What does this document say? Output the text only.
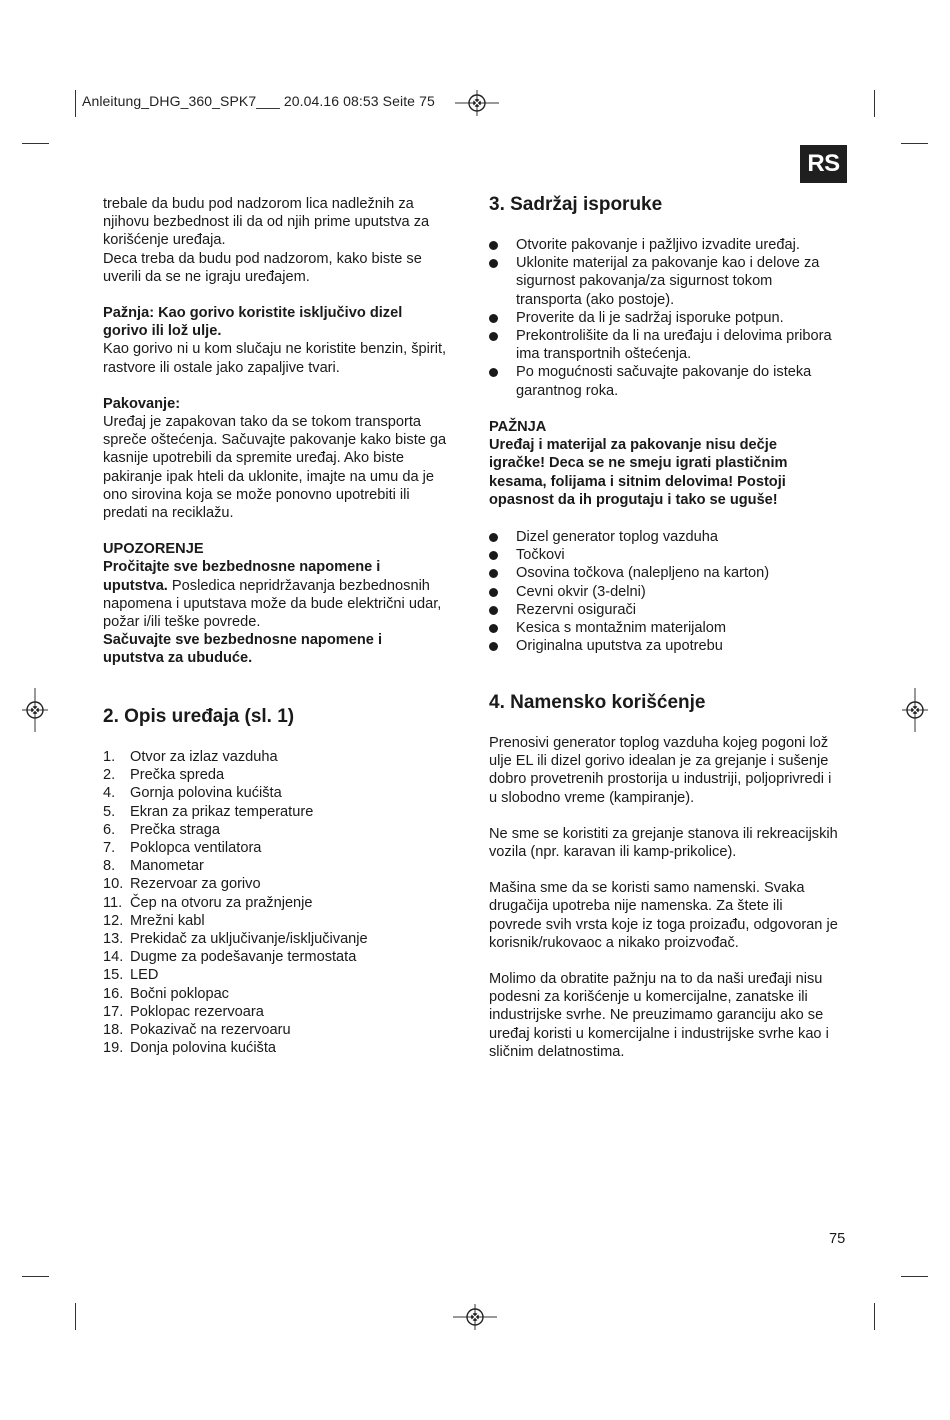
Anleitung_DHG_360_SPK7___ 20.04.16 08:53 Seite 75
RS

trebale da budu pod nadzorom lica nadležnih za

njihovu bezbednost ili da od njih prime uputstva za

korišćenje uređaja.

Deca treba da budu pod nadzorom, kako biste se

uverili da se ne igraju uređajem.

Pažnja: Kao gorivo koristite isključivo dizel

gorivo ili lož ulje.

Kao gorivo ni u kom slučaju ne koristite benzin, špirit,

rastvore ili ostale jako zapaljive tvari.

Pakovanje:

Uređaj je zapakovan tako da se tokom transporta

spreče oštećenja. Sačuvajte pakovanje kako biste ga

kasnije upotrebili da spremite uređaj. Ako biste

pakiranje ipak hteli da uklonite, imajte na umu da je

ono sirovina koja se može ponovno upotrebiti ili

predati na reciklažu.

UPOZORENJE

Pročitajte sve bezbednosne napomene i

uputstva. Posledica nepridržavanja bezbednosnih

napomena i uputstava može da bude električni udar,

požar i/ili teške povrede.

Sačuvajte sve bezbednosne napomene i

uputstva za ubuduće.

2. Opis uređaja (sl. 1)
1. Otvor za izlaz vazduha
2. Prečka spreda
4. Gornja polovina kućišta
5. Ekran za prikaz temperature
6. Prečka straga
7. Poklopca ventilatora
8. Manometar
10. Rezervoar za gorivo
11. Čep na otvoru za pražnjenje
12. Mrežni kabl
13. Prekidač za uključivanje/isključivanje
14. Dugme za podešavanje termostata
15. LED
16. Bočni poklopac
17. Poklopac rezervoara
18. Pokazivač na rezervoaru
19. Donja polovina kućišta
3. Sadržaj isporuke
Otvorite pakovanje i pažljivo izvadite uređaj.
Uklonite materijal za pakovanje kao i delove za
sigurnost pakovanja/za sigurnost tokom
transporta (ako postoje).
Proverite da li je sadržaj isporuke potpun.
Prekontrolišite da li na uređaju i delovima pribora
ima transportnih oštećenja.
Po mogućnosti sačuvajte pakovanje do isteka
garantnog roka.

PAŽNJA

Uređaj i materijal za pakovanje nisu dečje

igračke! Deca se ne smeju igrati plastičnim

kesama, folijama i sitnim delovima! Postoji

opasnost da ih progutaju i tako se uguše!

Dizel generator toplog vazduha
Točkovi
Osovina točkova (nalepljeno na karton)
Cevni okvir (3-delni)
Rezervni osigurači
Kesica s montažnim materijalom
Originalna uputstva za upotrebu
4. Namensko korišćenje

Prenosivi generator toplog vazduha kojeg pogoni lož

ulje EL ili dizel gorivo idealan je za grejanje i sušenje

dobro provetrenih prostorija u industriji, poljoprivredi i

u slobodno vreme (kampiranje).

Ne sme se koristiti za grejanje stanova ili rekreacijskih

vozila (npr. karavan ili kamp-prikolice).

Mašina sme da se koristi samo namenski. Svaka

drugačija upotreba nije namenska. Za štete ili

povrede svih vrsta koje iz toga proizađu, odgovoran je

korisnik/rukovaoc a nikako proizvođač.

Molimo da obratite pažnju na to da naši uređaji nisu

podesni za korišćenje u komercijalne, zanatske ili

industrijske svrhe. Ne preuzimamo garanciju ako se

uređaj koristi u komercijalne i industrijske svrhe kao i

sličnim delatnostima.

75
